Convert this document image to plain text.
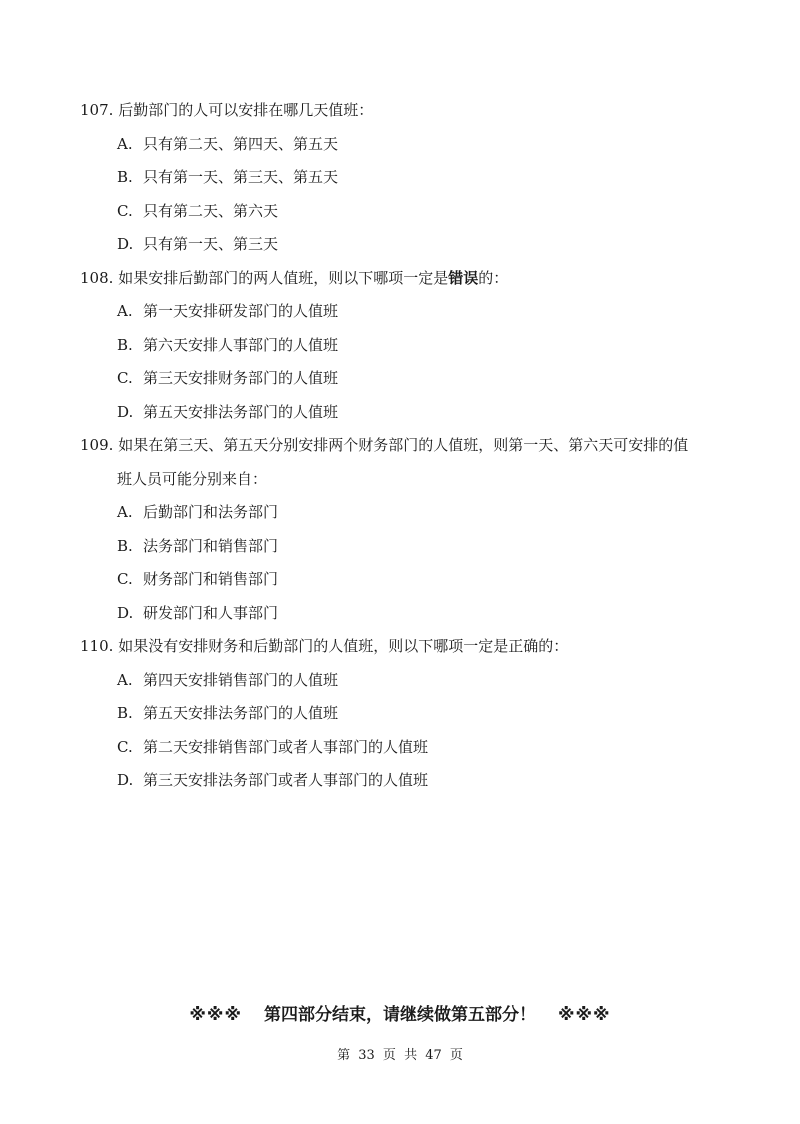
107. 后勤部门的人可以安排在哪几天值班：
A. 只有第二天、第四天、第五天
B. 只有第一天、第三天、第五天
C. 只有第二天、第六天
D. 只有第一天、第三天
108. 如果安排后勤部门的两人值班，则以下哪项一定是错误的：
A. 第一天安排研发部门的人值班
B. 第六天安排人事部门的人值班
C. 第三天安排财务部门的人值班
D. 第五天安排法务部门的人值班
109. 如果在第三天、第五天分别安排两个财务部门的人值班，则第一天、第六天可安排的值
班人员可能分别来自：
A. 后勤部门和法务部门
B. 法务部门和销售部门
C. 财务部门和销售部门
D. 研发部门和人事部门
110. 如果没有安排财务和后勤部门的人值班，则以下哪项一定是正确的：
A. 第四天安排销售部门的人值班
B. 第五天安排法务部门的人值班
C. 第二天安排销售部门或者人事部门的人值班
D. 第三天安排法务部门或者人事部门的人值班
※※※ 第四部分结束，请继续做第五部分！ ※※※
第 33 页 共 47 页
